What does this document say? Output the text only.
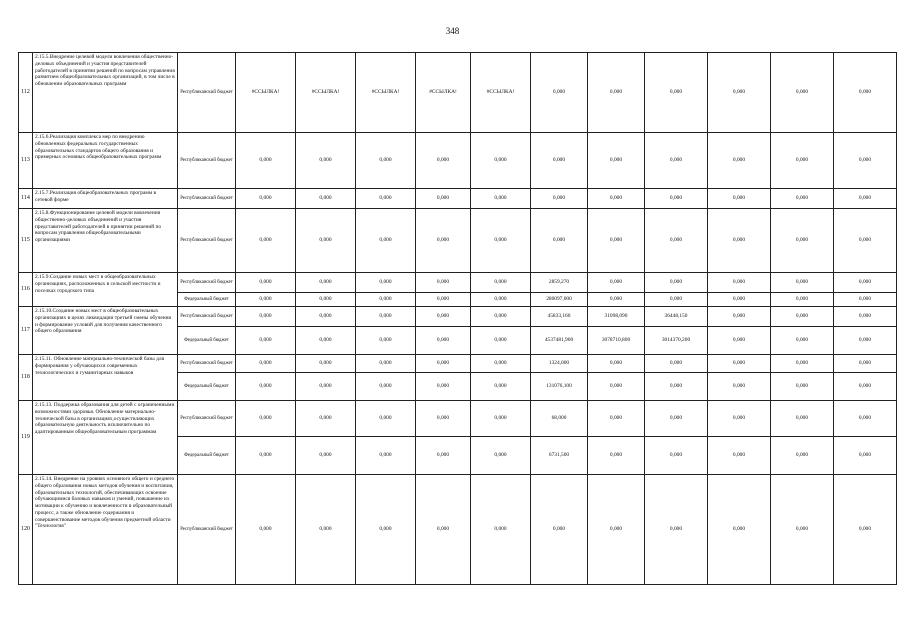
348
112	2.15.5.Внедрение целевой модели вовлечения общественно-деловых объединений и участия представителей работодателей в принятии решений по вопросам управления развитием общеобразовательных организаций, в том числе в обновлении образовательных программ	Республиканский бюджет	#ССЫЛКА!	#ССЫЛКА!	#ССЫЛКА!	#ССЫЛКА!	#ССЫЛКА!	0,000	0,000	0,000	0,000	0,000	0,000
113	2.15.6.Реализация комплекса мер по внедрению обновленных федеральных государственных образовательных стандартов общего образования и примерных основных общеобразовательных программ	Республиканский бюджет	0,000	0,000	0,000	0,000	0,000	0,000	0,000	0,000	0,000	0,000	0,000
114	2.15.7.Реализация общеобразовательных программ в сетевой форме	Республиканский бюджет	0,000	0,000	0,000	0,000	0,000	0,000	0,000	0,000	0,000	0,000	0,000
115	2.15.8.Функционирование целевой модели вовлечения общественно-деловых объединений и участия представителей работодателей в принятии решений по вопросам управления общеобразовательными организациями	Республиканский бюджет	0,000	0,000	0,000	0,000	0,000	0,000	0,000	0,000	0,000	0,000	0,000
116	2.15.9.Создание новых мест в общеобразовательных организациях, расположенных в сельской местности и поселках городского типа	Республиканский бюджет	0,000	0,000	0,000	0,000	0,000	2859,270	0,000	0,000	0,000	0,000	0,000
		Федеральный бюджет	0,000	0,000	0,000	0,000	0,000	280097,000	0,000	0,000	0,000	0,000	0,000
117	2.15.10.Создание новых мест в общеобразовательных организациях в целях ликвидации третьей смены обучения и формирование условий для получения качественного общего образования	Республиканский бюджет	0,000	0,000	0,000	0,000	0,000	45833,160	31098,090	36448,150	0,000	0,000	0,000
		Федеральный бюджет	0,000	0,000	0,000	0,000	0,000	4537481,900	3078710,800	3014370,200	0,000	0,000	0,000
118	2.15.11. Обновление материально-технической базы для формирования у обучающихся современных технологических и гуманитарных навыков	Республиканский бюджет	0,000	0,000	0,000	0,000	0,000	1324,000	0,000	0,000	0,000	0,000	0,000
		Федеральный бюджет	0,000	0,000	0,000	0,000	0,000	131076,100	0,000	0,000	0,000	0,000	0,000
119	2.15.13. Поддержка образования для детей с ограниченными возможностями здоровья. Обновление материально-технической базы в организациях,осуществляющих образовательную деятельность исключительно по адаптированным общеобразовательным программам	Республиканский бюджет	0,000	0,000	0,000	0,000	0,000	68,000	0,000	0,000	0,000	0,000	0,000
		Федеральный бюджет	0,000	0,000	0,000	0,000	0,000	6731,500	0,000	0,000	0,000	0,000	0,000
120	2.15.14. Внедрение на уровнях основного общего и среднего общего образования новых методов обучения и воспитания, образовательных технологий, обеспечивающих освоение обучающимися базовых навыков и умений, повышение их мотивации к обучению и вовлеченности в образовательный процесс, а также обновление содержания и совершенствование методов обучения предметной области "Технология"	Республиканский бюджет	0,000	0,000	0,000	0,000	0,000	0,000	0,000	0,000	0,000	0,000	0,000
